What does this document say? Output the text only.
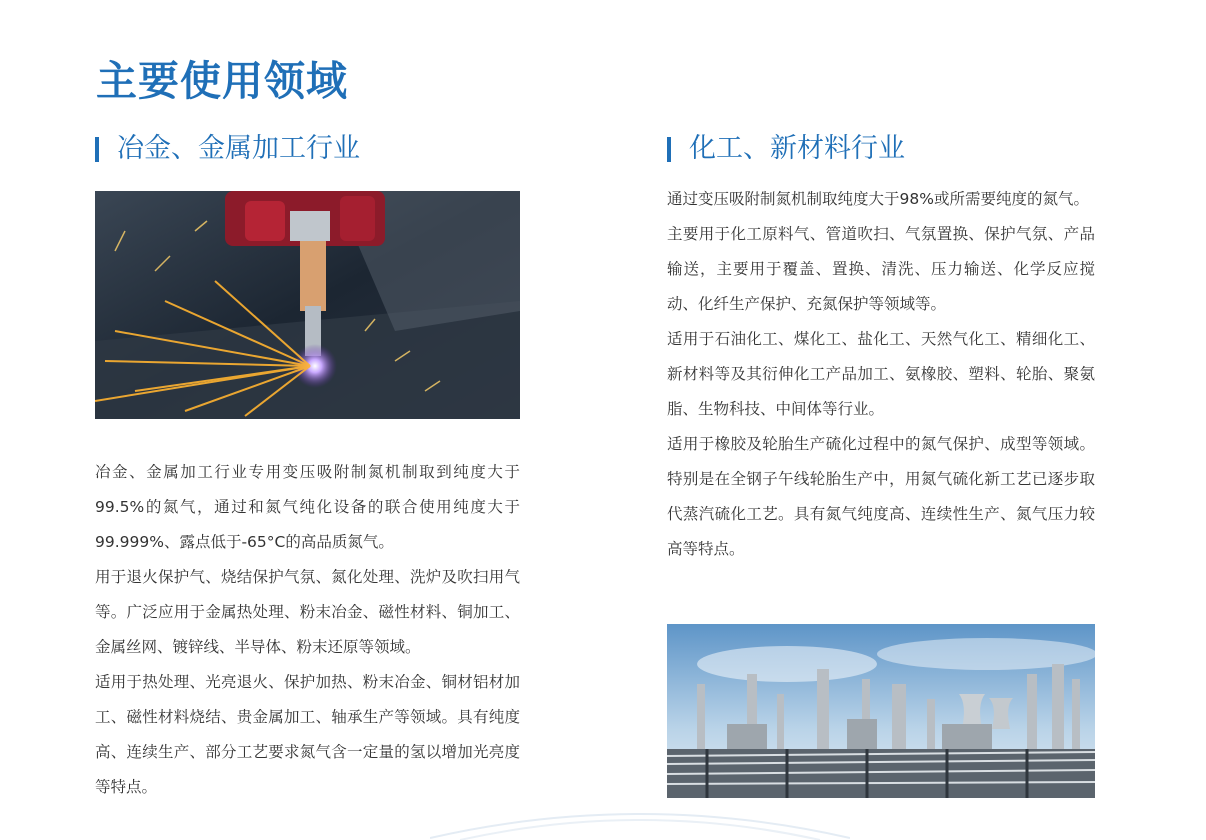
主要使用领域
冶金、金属加工行业

冶金、金属加工行业专用变压吸附制氮机制取到纯度大于99.5%的氮气，通过和氮气纯化设备的联合使用纯度大于99.999%、露点低于-65°C的高品质氮气。

用于退火保护气、烧结保护气氛、氮化处理、洗炉及吹扫用气等。广泛应用于金属热处理、粉末冶金、磁性材料、铜加工、金属丝网、镀锌线、半导体、粉末还原等领域。

适用于热处理、光亮退火、保护加热、粉末冶金、铜材铝材加工、磁性材料烧结、贵金属加工、轴承生产等领域。具有纯度高、连续生产、部分工艺要求氮气含一定量的氢以增加光亮度等特点。

化工、新材料行业

通过变压吸附制氮机制取纯度大于98%或所需要纯度的氮气。

主要用于化工原料气、管道吹扫、气氛置换、保护气氛、产品输送，主要用于覆盖、置换、清洗、压力输送、化学反应搅动、化纤生产保护、充氮保护等领域等。

适用于石油化工、煤化工、盐化工、天然气化工、精细化工、新材料等及其衍伸化工产品加工、氨橡胶、塑料、轮胎、聚氨脂、生物科技、中间体等行业。

适用于橡胶及轮胎生产硫化过程中的氮气保护、成型等领域。特别是在全钢子午线轮胎生产中，用氮气硫化新工艺已逐步取代蒸汽硫化工艺。具有氮气纯度高、连续性生产、氮气压力较高等特点。
